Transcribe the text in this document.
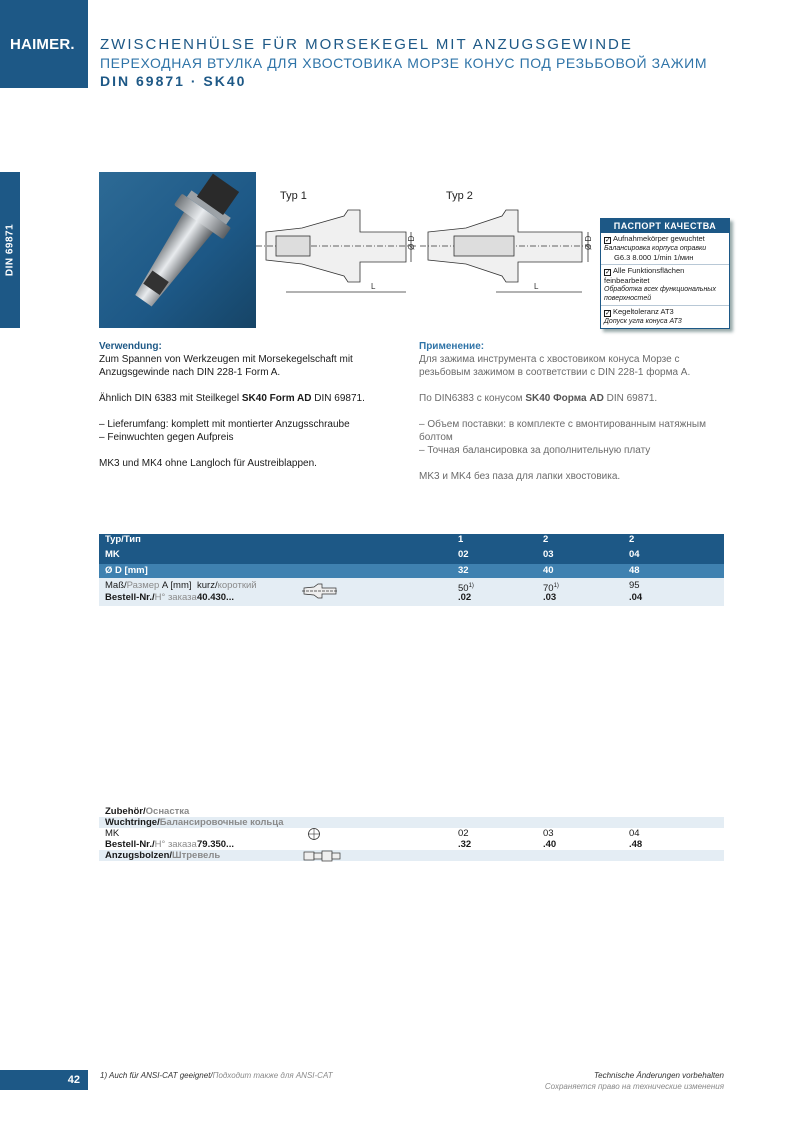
HAIMER. ZWISCHENHÜLSE FÜR MORSEKEGEL MIT ANZUGSGEWINDE
ПЕРЕХОДНАЯ ВТУЛКА ДЛЯ ХВОСТОВИКА МОРЗЕ КОНУС ПОД РЕЗЬБОВОЙ ЗАЖИМ
DIN 69871 · SK40
DIN 69871
Typ 1	Typ 2
Ø D
L
Ø D
L
ПАСПОРТ КАЧЕСТВА
✓ Aufnahmekörper gewuchtet
Балансировка корпуса оправки
G6.3 8.000 1/min 1/мин
✓ Alle Funktionsflächen feinbearbeitet
Обработка всех функциональных поверхностей
✓ Kegeltoleranz AT3
Допуск угла конуса AT3
Verwendung:
Zum Spannen von Werkzeugen mit Morsekegelschaft mit Anzugsgewinde nach DIN 228-1 Form A.
Ähnlich DIN 6383 mit Steilkegel SK40 Form AD DIN 69871.
– Lieferumfang: komplett mit montierter Anzugsschraube
– Feinwuchten gegen Aufpreis
MK3 und MK4 ohne Langloch für Austreiblappen.
Применение:
Для зажима инструмента с хвостовиком конуса Морзе с резьбовым зажимом в соответствии с DIN 228-1 форма A.
По DIN6383 с конусом SK40 Форма AD DIN 69871.
– Объем поставки: в комплекте с вмонтированным натяжным болтом
– Точная балансировка за дополнительную плату
MK3 и MK4 без паза для лапки хвостовика.
Typ/Тип	1	2	2
MK	02	03	04
Ø D [mm]	32	40	48
Maß/Размер A [mm] kurz/короткий	50$^{1)}$	70$^{1)}$	95
Bestell-Nr./Н° заказа 40.430...	.02	.03	.04
Zubehör/Оснастка
Wuchtringe/Балансировочные кольца
MK	02	03	04
Bestell-Nr./Н° заказа 79.350...	.32	.40	.48
Anzugsbolzen/Штревель
42	1) Auch für ANSI-CAT geeignet/Подходит также для ANSI-CAT	Technische Änderungen vorbehalten
Сохраняется право на технические изменения
